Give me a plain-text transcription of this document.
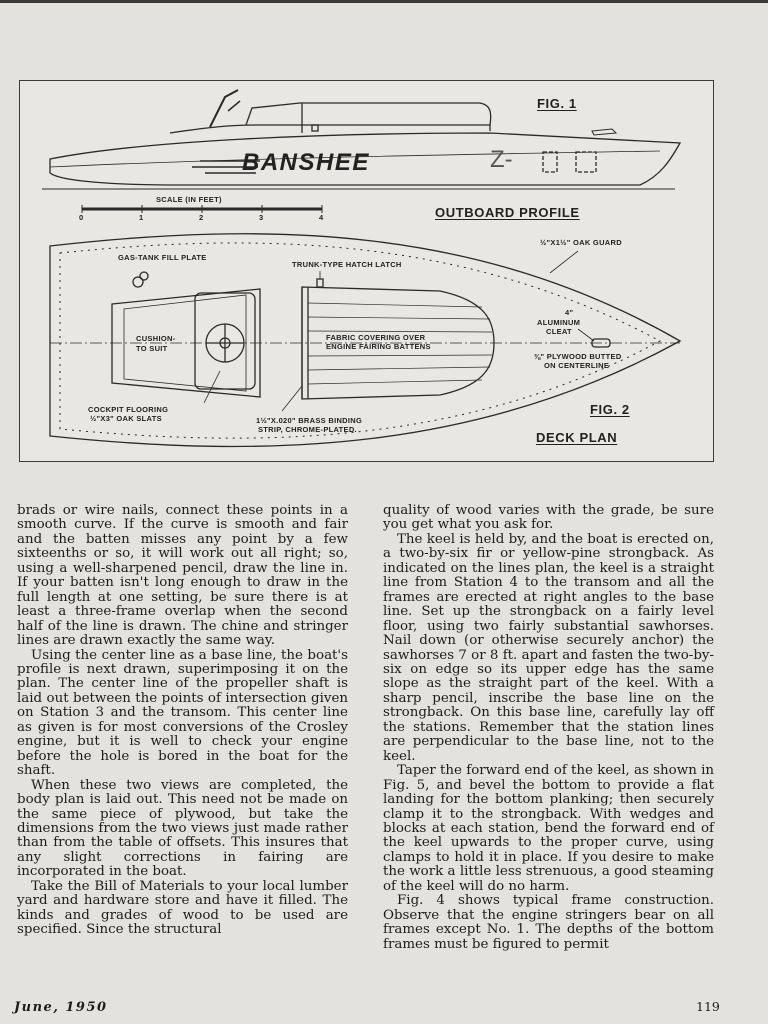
FIG. 1
BANSHEE	Z-
SCALE (IN FEET)
0	1	2	3	4	OUTBOARD PROFILE
½"X1½" OAK GUARD
GAS-TANK FILL PLATE
TRUNK-TYPE HATCH LATCH
CUSHION-
TO SUIT
FABRIC COVERING OVER
ENGINE FAIRING BATTENS
4"
ALUMINUM
CLEAT
⅜" PLYWOOD BUTTED
ON CENTERLINE
COCKPIT FLOORING
½"X3" OAK SLATS	1½"X.020" BRASS BINDING
STRIP, CHROME-PLATED.
FIG. 2
DECK PLAN

brads or wire nails, connect these points in a smooth curve. If the curve is smooth and fair and the batten misses any point by a few sixteenths or so, it will work out all right; so, using a well-sharpened pencil, draw the line in. If your batten isn't long enough to draw in the full length at one setting, be sure there is at least a three-frame overlap when the second half of the line is drawn. The chine and stringer lines are drawn exactly the same way.

Using the center line as a base line, the boat's profile is next drawn, superimposing it on the plan. The center line of the propeller shaft is laid out between the points of intersection given on Station 3 and the transom. This center line as given is for most conversions of the Crosley engine, but it is well to check your engine before the hole is bored in the boat for the shaft.

When these two views are completed, the body plan is laid out. This need not be made on the same piece of plywood, but take the dimensions from the two views just made rather than from the table of offsets. This insures that any slight corrections in fairing are incorporated in the boat.

Take the Bill of Materials to your local lumber yard and hardware store and have it filled. The kinds and grades of wood to be used are specified. Since the structural

quality of wood varies with the grade, be sure you get what you ask for.

The keel is held by, and the boat is erected on, a two-by-six fir or yellow-pine strongback. As indicated on the lines plan, the keel is a straight line from Station 4 to the transom and all the frames are erected at right angles to the base line. Set up the strongback on a fairly level floor, using two fairly substantial sawhorses. Nail down (or otherwise securely anchor) the sawhorses 7 or 8 ft. apart and fasten the two-by-six on edge so its upper edge has the same slope as the straight part of the keel. With a sharp pencil, inscribe the base line on the strongback. On this base line, carefully lay off the stations. Remember that the station lines are perpendicular to the base line, not to the keel.

Taper the forward end of the keel, as shown in Fig. 5, and bevel the bottom to provide a flat landing for the bottom planking; then securely clamp it to the strongback. With wedges and blocks at each station, bend the forward end of the keel upwards to the proper curve, using clamps to hold it in place. If you desire to make the work a little less strenuous, a good steaming of the keel will do no harm.

Fig. 4 shows typical frame construction. Observe that the engine stringers bear on all frames except No. 1. The depths of the bottom frames must be figured to permit

June, 1950	119
